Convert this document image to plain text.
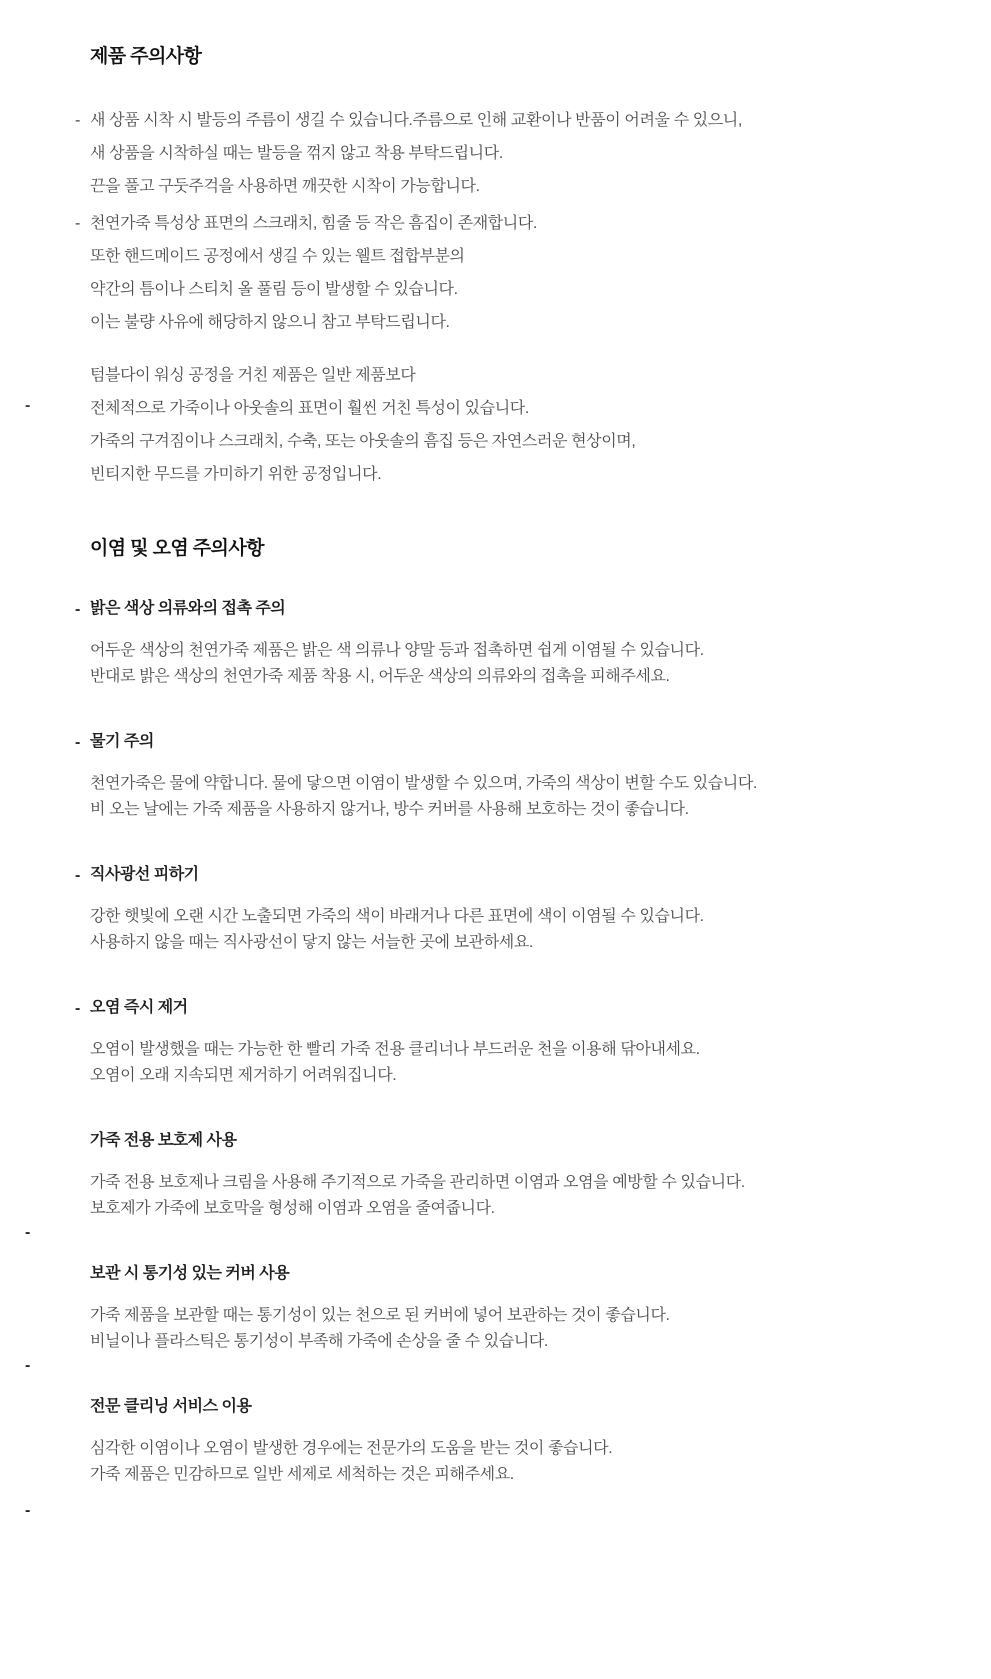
제품 주의사항
- 새 상품 시착 시 발등의 주름이 생길 수 있습니다.주름으로 인해 교환이나 반품이 어려울 수 있으니,
새 상품을 시착하실 때는 발등을 꺾지 않고 착용 부탁드립니다.
끈을 풀고 구둣주걱을 사용하면 깨끗한 시착이 가능합니다.
- 천연가죽 특성상 표면의 스크래치, 힘줄 등 작은 흠집이 존재합니다.
또한 핸드메이드 공정에서 생길 수 있는 웰트 접합부분의
약간의 틈이나 스티치 올 풀림 등이 발생할 수 있습니다.
이는 불량 사유에 해당하지 않으니 참고 부탁드립니다.
-
텀블다이 워싱 공정을 거친 제품은 일반 제품보다
전체적으로 가죽이나 아웃솔의 표면이 훨씬 거친 특성이 있습니다.
가죽의 구겨짐이나 스크래치, 수축, 또는 아웃솔의 흠집 등은 자연스러운 현상이며,
빈티지한 무드를 가미하기 위한 공정입니다.
이염 및 오염 주의사항
- 밝은 색상 의류와의 접촉 주의
어두운 색상의 천연가죽 제품은 밝은 색 의류나 양말 등과 접촉하면 쉽게 이염될 수 있습니다.
반대로 밝은 색상의 천연가죽 제품 착용 시, 어두운 색상의 의류와의 접촉을 피해주세요.
- 물기 주의
천연가죽은 물에 약합니다. 물에 닿으면 이염이 발생할 수 있으며, 가죽의 색상이 변할 수도 있습니다.
비 오는 날에는 가죽 제품을 사용하지 않거나, 방수 커버를 사용해 보호하는 것이 좋습니다.
- 직사광선 피하기
강한 햇빛에 오랜 시간 노출되면 가죽의 색이 바래거나 다른 표면에 색이 이염될 수 있습니다.
사용하지 않을 때는 직사광선이 닿지 않는 서늘한 곳에 보관하세요.
- 오염 즉시 제거
오염이 발생했을 때는 가능한 한 빨리 가죽 전용 클리너나 부드러운 천을 이용해 닦아내세요.
오염이 오래 지속되면 제거하기 어려워집니다.
가죽 전용 보호제 사용
가죽 전용 보호제나 크림을 사용해 주기적으로 가죽을 관리하면 이염과 오염을 예방할 수 있습니다.
보호제가 가죽에 보호막을 형성해 이염과 오염을 줄여줍니다.
-
보관 시 통기성 있는 커버 사용
가죽 제품을 보관할 때는 통기성이 있는 천으로 된 커버에 넣어 보관하는 것이 좋습니다.
비닐이나 플라스틱은 통기성이 부족해 가죽에 손상을 줄 수 있습니다.
-
전문 클리닝 서비스 이용
심각한 이염이나 오염이 발생한 경우에는 전문가의 도움을 받는 것이 좋습니다.
가죽 제품은 민감하므로 일반 세제로 세척하는 것은 피해주세요.
-
